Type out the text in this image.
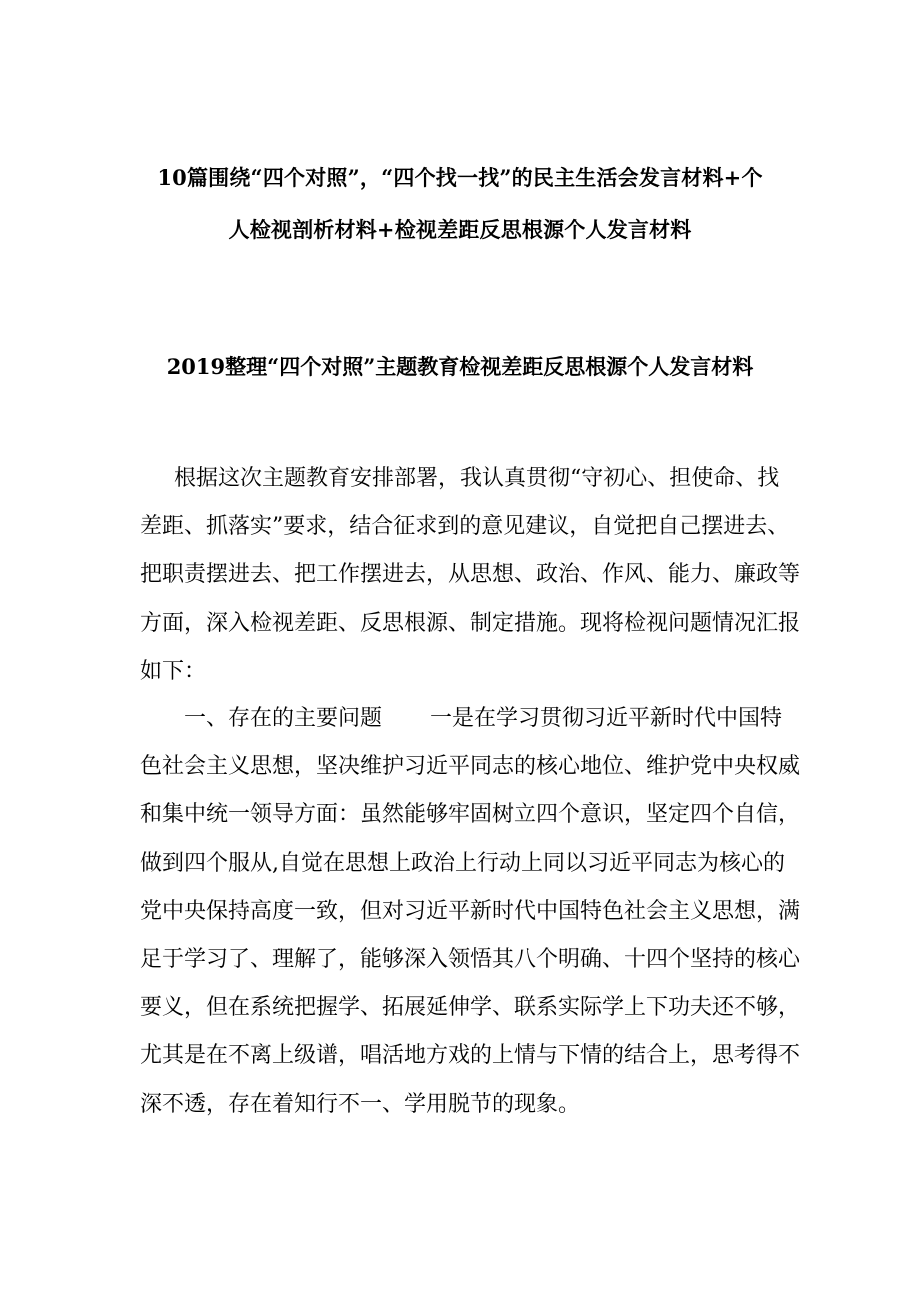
10篇围绕“四个对照”，“四个找一找”的民主生活会发言材料+个
人检视剖析材料+检视差距反思根源个人发言材料
2019整理“四个对照”主题教育检视差距反思根源个人发言材料
根据这次主题教育安排部署，我认真贯彻“守初心、担使命、找
差距、抓落实”要求，结合征求到的意见建议，自觉把自己摆进去、
把职责摆进去、把工作摆进去，从思想、政治、作风、能力、廉政等
方面，深入检视差距、反思根源、制定措施。现将检视问题情况汇报
如下：
一、存在的主要问题 一是在学习贯彻习近平新时代中国特
色社会主义思想，坚决维护习近平同志的核心地位、维护党中央权威
和集中统一领导方面：虽然能够牢固树立四个意识，坚定四个自信，
做到四个服从,自觉在思想上政治上行动上同以习近平同志为核心的
党中央保持高度一致，但对习近平新时代中国特色社会主义思想，满
足于学习了、理解了，能够深入领悟其八个明确、十四个坚持的核心
要义，但在系统把握学、拓展延伸学、联系实际学上下功夫还不够，
尤其是在不离上级谱，唱活地方戏的上情与下情的结合上，思考得不
深不透，存在着知行不一、学用脱节的现象。
